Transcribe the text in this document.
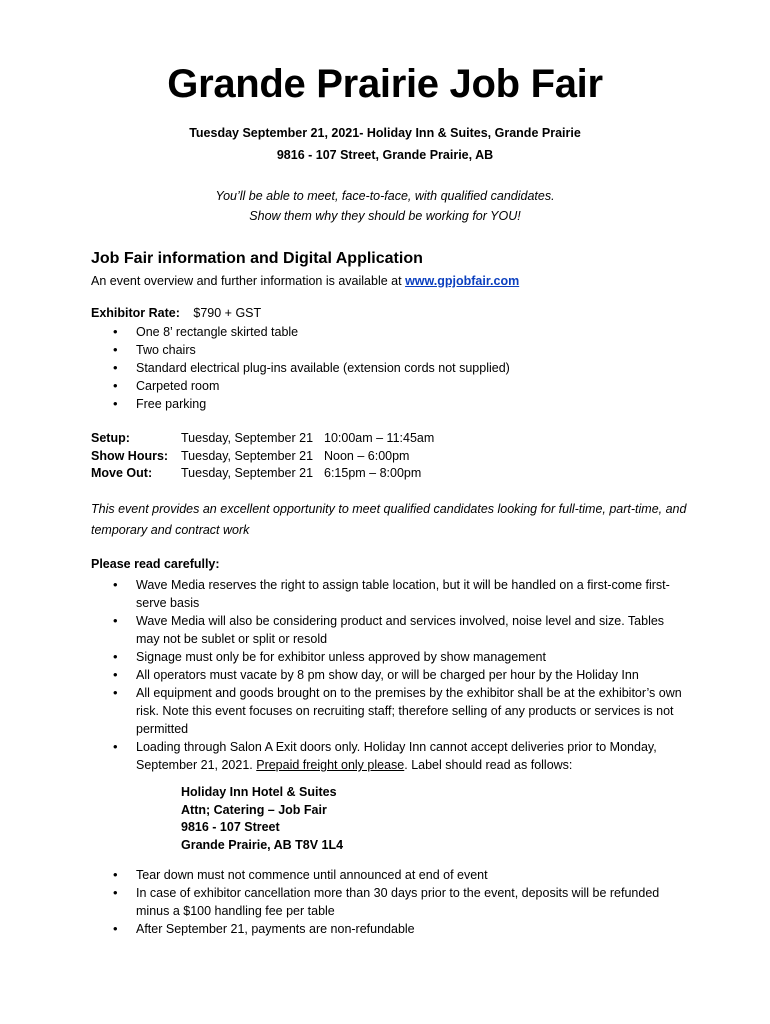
Grande Prairie Job Fair
Tuesday September 21, 2021- Holiday Inn & Suites, Grande Prairie
9816 - 107 Street, Grande Prairie, AB
You’ll be able to meet, face-to-face, with qualified candidates.
Show them why they should be working for YOU!
Job Fair information and Digital Application
An event overview and further information is available at www.gpjobfair.com
Exhibitor Rate: $790 + GST
• One 8’ rectangle skirted table
• Two chairs
• Standard electrical plug-ins available (extension cords not supplied)
• Carpeted room
• Free parking
Setup:	Tuesday, September 21	10:00am – 11:45am
Show Hours:	Tuesday, September 21	Noon – 6:00pm
Move Out:	Tuesday, September 21	6:15pm – 8:00pm
This event provides an excellent opportunity to meet qualified candidates looking for full-time, part-time, and temporary and contract work
Please read carefully:
• Wave Media reserves the right to assign table location, but it will be handled on a first-come first-serve basis
• Wave Media will also be considering product and services involved, noise level and size. Tables may not be sublet or split or resold
• Signage must only be for exhibitor unless approved by show management
• All operators must vacate by 8 pm show day, or will be charged per hour by the Holiday Inn
• All equipment and goods brought on to the premises by the exhibitor shall be at the exhibitor’s own risk. Note this event focuses on recruiting staff; therefore selling of any products or services is not permitted
• Loading through Salon A Exit doors only. Holiday Inn cannot accept deliveries prior to Monday, September 21, 2021. Prepaid freight only please. Label should read as follows:
Holiday Inn Hotel & Suites
Attn; Catering – Job Fair
9816 - 107 Street
Grande Prairie, AB T8V 1L4
• Tear down must not commence until announced at end of event
• In case of exhibitor cancellation more than 30 days prior to the event, deposits will be refunded minus a $100 handling fee per table
• After September 21, payments are non-refundable
